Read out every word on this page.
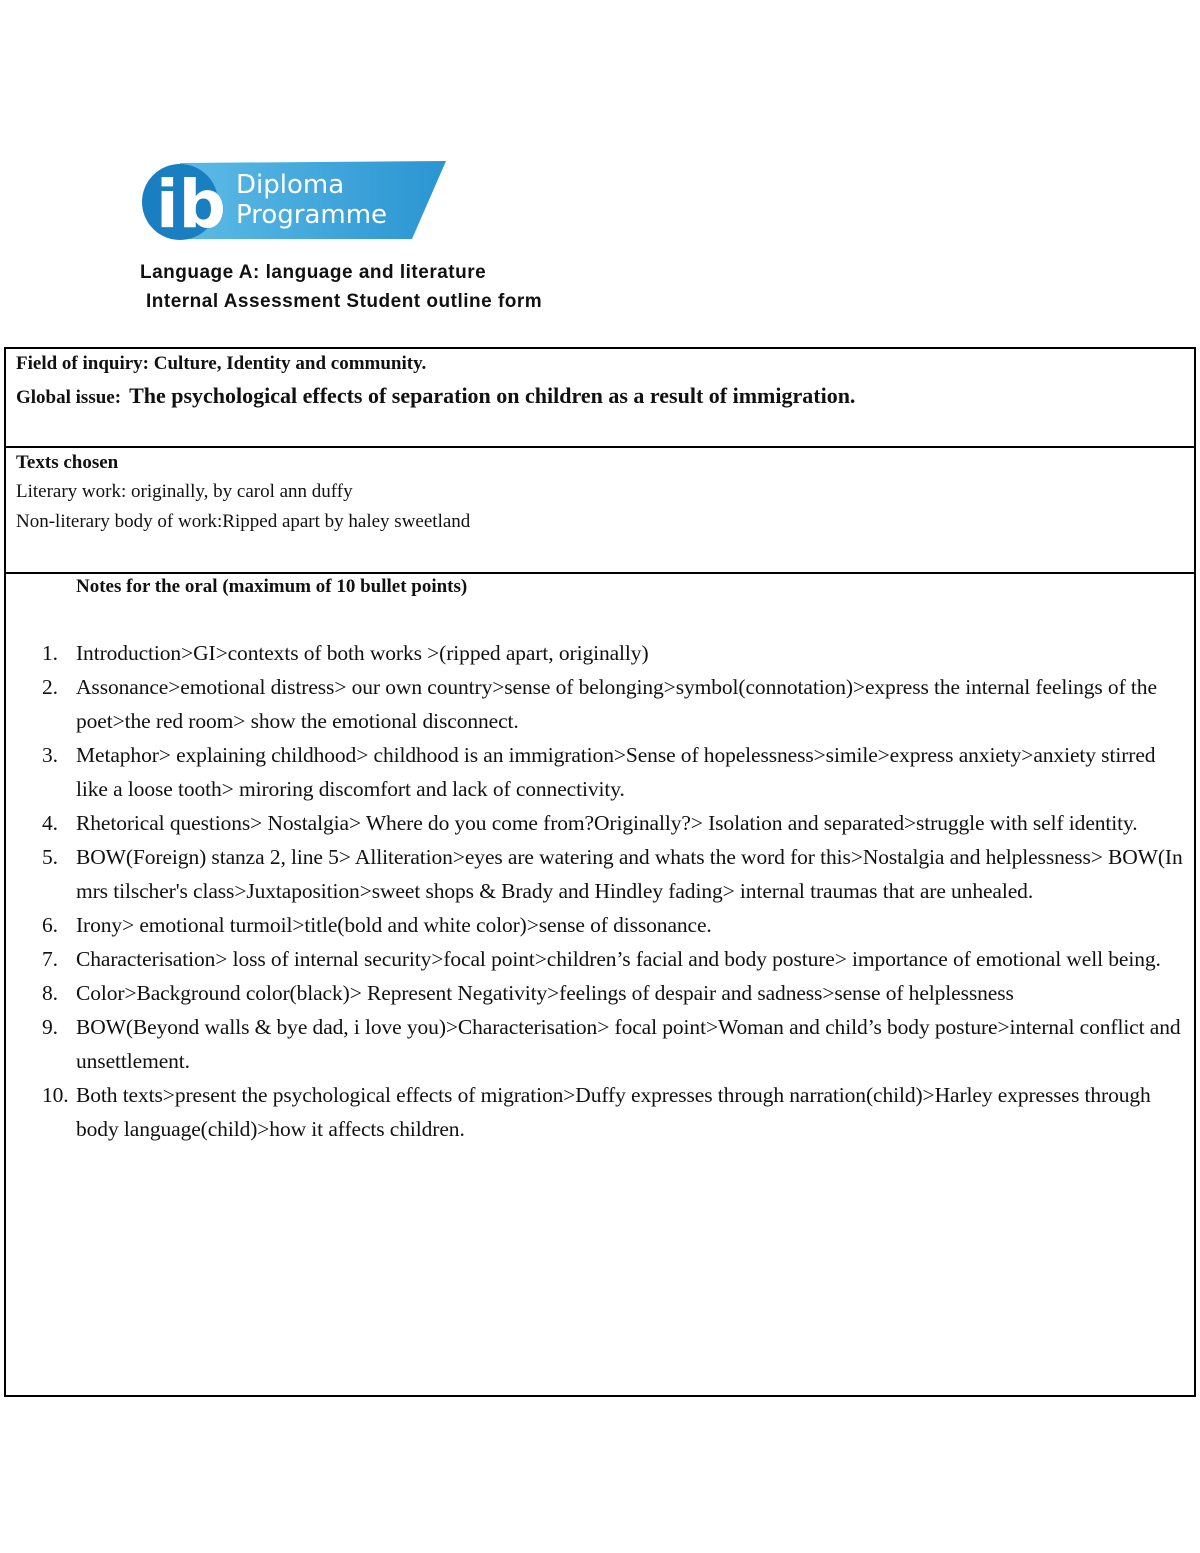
ib Diploma
Programme
Language A: language and literature
Internal Assessment Student outline form
Field of inquiry: Culture, Identity and community.
Global issue: The psychological effects of separation on children as a result of immigration.
Texts chosen
Literary work: originally, by carol ann duffy
Non-literary body of work:Ripped apart by haley sweetland
Notes for the oral (maximum of 10 bullet points)
1. Introduction>GI>contexts of both works >(ripped apart, originally)
2. Assonance>emotional distress> our own country>sense of belonging>symbol(connotation)>express the internal feelings of the poet>the red room> show the emotional disconnect.
3. Metaphor> explaining childhood> childhood is an immigration>Sense of hopelessness>simile>express anxiety>anxiety stirred like a loose tooth> miroring discomfort and lack of connectivity.
4. Rhetorical questions> Nostalgia> Where do you come from?Originally?> Isolation and separated>struggle with self identity.
5. BOW(Foreign) stanza 2, line 5> Alliteration>eyes are watering and whats the word for this>Nostalgia and helplessness> BOW(In mrs tilscher's class>Juxtaposition>sweet shops & Brady and Hindley fading> internal traumas that are unhealed.
6. Irony> emotional turmoil>title(bold and white color)>sense of dissonance.
7. Characterisation> loss of internal security>focal point>children’s facial and body posture> importance of emotional well being.
8. Color>Background color(black)> Represent Negativity>feelings of despair and sadness>sense of helplessness
9. BOW(Beyond walls & bye dad, i love you)>Characterisation> focal point>Woman and child’s body posture>internal conflict and unsettlement.
10. Both texts>present the psychological effects of migration>Duffy expresses through narration(child)>Harley expresses through body language(child)>how it affects children.
